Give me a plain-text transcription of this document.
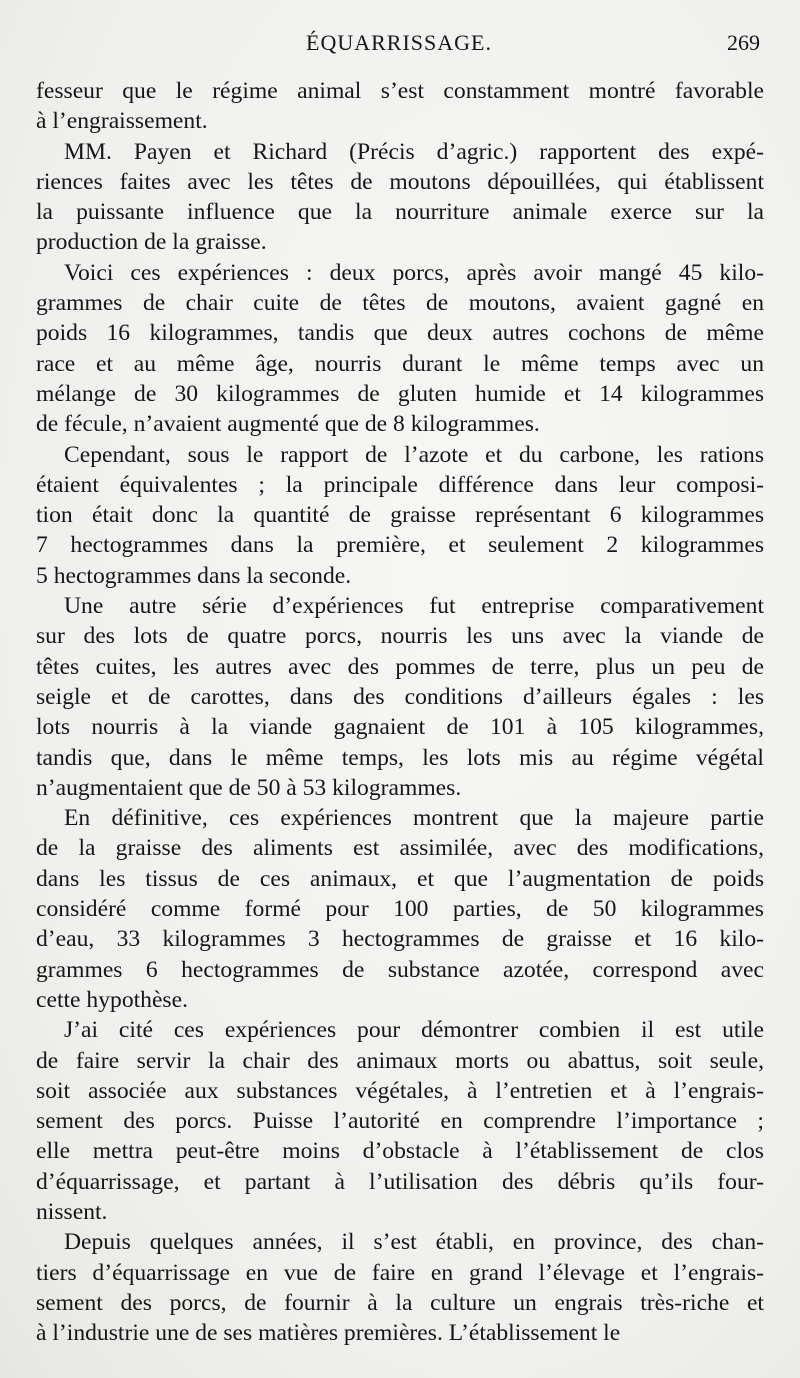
ÉQUARRISSAGE.	269
fesseur que le régime animal s’est constamment montré favorable
à l’engraissement.
MM. Payen et Richard (Précis d’agric.) rapportent des expé-
riences faites avec les têtes de moutons dépouillées, qui établissent
la puissante influence que la nourriture animale exerce sur la
production de la graisse.
Voici ces expériences : deux porcs, après avoir mangé 45 kilo-
grammes de chair cuite de têtes de moutons, avaient gagné en
poids 16 kilogrammes, tandis que deux autres cochons de même
race et au même âge, nourris durant le même temps avec un
mélange de 30 kilogrammes de gluten humide et 14 kilogrammes
de fécule, n’avaient augmenté que de 8 kilogrammes.
Cependant, sous le rapport de l’azote et du carbone, les rations
étaient équivalentes ; la principale différence dans leur composi-
tion était donc la quantité de graisse représentant 6 kilogrammes
7 hectogrammes dans la première, et seulement 2 kilogrammes
5 hectogrammes dans la seconde.
Une autre série d’expériences fut entreprise comparativement
sur des lots de quatre porcs, nourris les uns avec la viande de
têtes cuites, les autres avec des pommes de terre, plus un peu de
seigle et de carottes, dans des conditions d’ailleurs égales : les
lots nourris à la viande gagnaient de 101 à 105 kilogrammes,
tandis que, dans le même temps, les lots mis au régime végétal
n’augmentaient que de 50 à 53 kilogrammes.
En définitive, ces expériences montrent que la majeure partie
de la graisse des aliments est assimilée, avec des modifications,
dans les tissus de ces animaux, et que l’augmentation de poids
considéré comme formé pour 100 parties, de 50 kilogrammes
d’eau, 33 kilogrammes 3 hectogrammes de graisse et 16 kilo-
grammes 6 hectogrammes de substance azotée, correspond avec
cette hypothèse.
J’ai cité ces expériences pour démontrer combien il est utile
de faire servir la chair des animaux morts ou abattus, soit seule,
soit associée aux substances végétales, à l’entretien et à l’engrais-
sement des porcs. Puisse l’autorité en comprendre l’importance ;
elle mettra peut-être moins d’obstacle à l’établissement de clos
d’équarrissage, et partant à l’utilisation des débris qu’ils four-
nissent.
Depuis quelques années, il s’est établi, en province, des chan-
tiers d’équarrissage en vue de faire en grand l’élevage et l’engrais-
sement des porcs, de fournir à la culture un engrais très-riche et
à l’industrie une de ses matières premières. L’établissement le
